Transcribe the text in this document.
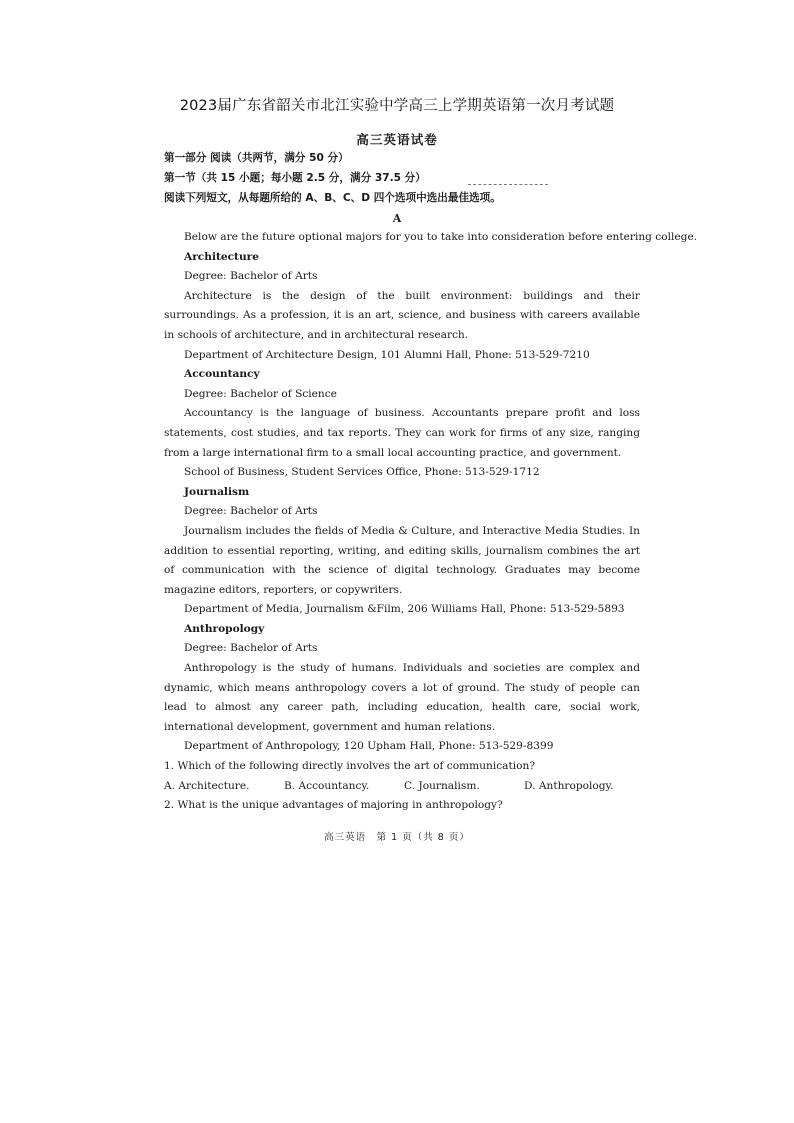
2023届广东省韶关市北江实验中学高三上学期英语第一次月考试题
高三英语试卷
第一部分 阅读（共两节，满分 50 分）
第一节（共 15 小题；每小题 2.5 分，满分 37.5 分）
阅读下列短文，从每题所给的 A、B、C、D 四个选项中选出最佳选项。
A

Below are the future optional majors for you to take into consideration before entering college.

Architecture

Degree: Bachelor of Arts

Architecture is the design of the built environment: buildings and their surroundings. As a profession, it is an art, science, and business with careers available in schools of architecture, and in architectural research.

Department of Architecture Design, 101 Alumni Hall, Phone: 513-529-7210

Accountancy

Degree: Bachelor of Science

Accountancy is the language of business. Accountants prepare profit and loss statements, cost studies, and tax reports. They can work for firms of any size, ranging from a large international firm to a small local accounting practice, and government.

School of Business, Student Services Office, Phone: 513-529-1712

Journalism

Degree: Bachelor of Arts

Journalism includes the fields of Media & Culture, and Interactive Media Studies. In addition to essential reporting, writing, and editing skills, journalism combines the art of communication with the science of digital technology. Graduates may become magazine editors, reporters, or copywriters.

Department of Media, Journalism &Film, 206 Williams Hall, Phone: 513-529-5893

Anthropology

Degree: Bachelor of Arts

Anthropology is the study of humans. Individuals and societies are complex and dynamic, which means anthropology covers a lot of ground. The study of people can lead to almost any career path, including education, health care, social work, international development, government and human relations.

Department of Anthropology, 120 Upham Hall, Phone: 513-529-8399

1. Which of the following directly involves the art of communication?

A. Architecture.	B. Accountancy.	C. Journalism.	D. Anthropology.

2. What is the unique advantages of majoring in anthropology?

高三英语　第 1 页（共 8 页）
